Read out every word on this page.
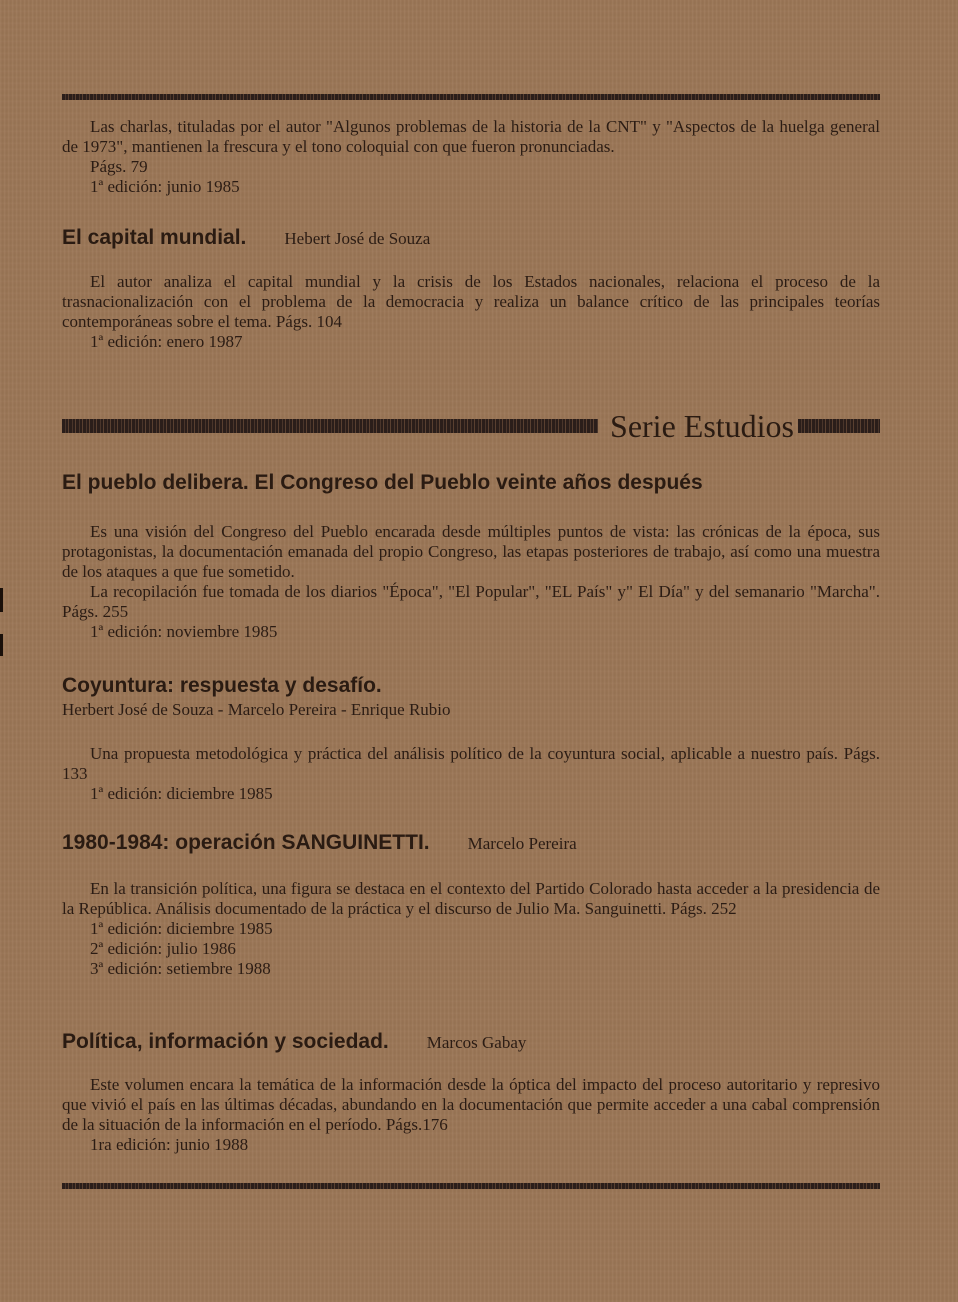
Las charlas, tituladas por el autor "Algunos problemas de la historia de la CNT" y "Aspectos de la huelga general de 1973", mantienen la frescura y el tono coloquial con que fueron pronunciadas.

Págs. 79
1ª edición: junio 1985
El capital mundial. Hebert José de Souza

El autor analiza el capital mundial y la crisis de los Estados nacionales, relaciona el proceso de la trasnacionalización con el problema de la democracia y realiza un balance crítico de las principales teorías contemporáneas sobre el tema. Págs. 104

1ª edición: enero 1987
Serie Estudios
El pueblo delibera. El Congreso del Pueblo veinte años después

Es una visión del Congreso del Pueblo encarada desde múltiples puntos de vista: las crónicas de la época, sus protagonistas, la documentación emanada del propio Congreso, las etapas posteriores de trabajo, así como una muestra de los ataques a que fue sometido.

La recopilación fue tomada de los diarios "Época", "El Popular", "EL País" y" El Día" y del semanario "Marcha". Págs. 255

1ª edición: noviembre 1985
Coyuntura: respuesta y desafío.
Herbert José de Souza - Marcelo Pereira - Enrique Rubio

Una propuesta metodológica y práctica del análisis político de la coyuntura social, aplicable a nuestro país. Págs. 133

1ª edición: diciembre 1985
1980-1984: operación SANGUINETTI. Marcelo Pereira

En la transición política, una figura se destaca en el contexto del Partido Colorado hasta acceder a la presidencia de la República. Análisis documentado de la práctica y el discurso de Julio Ma. Sanguinetti. Págs. 252

1ª edición: diciembre 1985
2ª edición: julio 1986
3ª edición: setiembre 1988
Política, información y sociedad. Marcos Gabay

Este volumen encara la temática de la información desde la óptica del impacto del proceso autoritario y represivo que vivió el país en las últimas décadas, abundando en la documentación que permite acceder a una cabal comprensión de la situación de la información en el período. Págs.176

1ra edición: junio 1988
